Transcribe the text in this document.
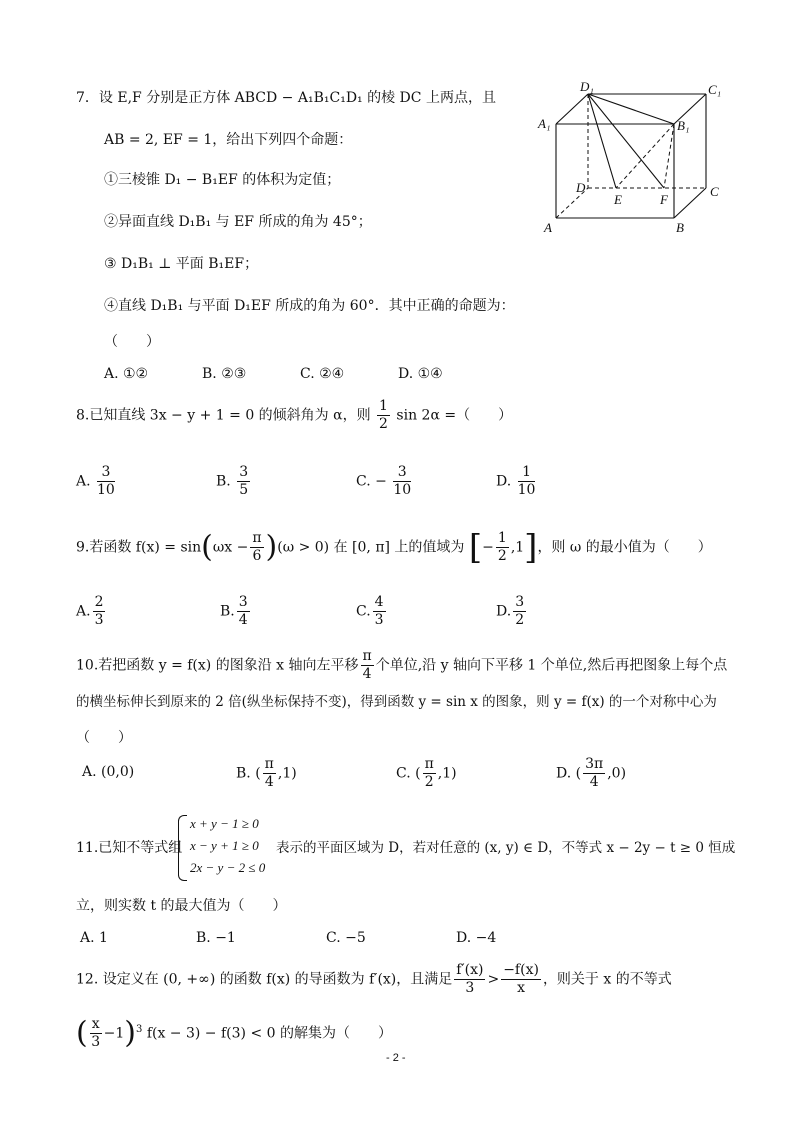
7．设 E,F 分别是正方体 ABCD − A₁B₁C₁D₁ 的棱 DC 上两点，且
AB = 2, EF = 1，给出下列四个命题：
①三棱锥 D₁ − B₁EF 的体积为定值；
②异面直线 D₁B₁ 与 EF 所成的角为 45°；
③ D₁B₁ ⊥ 平面 B₁EF；
④直线 D₁B₁ 与平面 D₁EF 所成的角为 60°．其中正确的命题为：
（　　）
A. ①②	B. ②③	C. ②④	D. ①④
D₁	C₁
A₁	B₁
D	C
E	F
A	B
8.已知直线 3x − y + 1 = 0 的倾斜角为 α，则 $\frac{1}{2}$ sin 2α =（　　）
A. $\frac{3}{10}$	B. $\frac{3}{5}$	C. − $\frac{3}{10}$	D. $\frac{1}{10}$
9.若函数 $f(x) = \sin(\omega x - \frac{\pi}{6} )(\omega > 0)$ 在 [0, π] 上的值域为 [− $\frac{1}{2} ,1$]，则 ω 的最小值为（　　）
A. $\frac{2}{3}$	B. $\frac{3}{4}$	C. $\frac{4}{3}$	D. $\frac{3}{2}$
10.若把函数 y = f(x) 的图象沿 x 轴向左平移 $\frac{\pi}{4}$ 个单位,沿 y 轴向下平移 1 个单位,然后再把图象上每个点
的横坐标伸长到原来的 2 倍(纵坐标保持不变)，得到函数 y = sin x 的图象，则 y = f(x) 的一个对称中心为
（　　）
A. (0,0)	B. ( $\frac{\pi}{4} ,1$)	C. ( $\frac{\pi}{2} ,1$)	D. ( $\frac{3\pi}{4} ,0$)
11.已知不等式组
x + y − 1 ≥ 0
x − y + 1 ≥ 0
2x − y − 2 ≤ 0
表示的平面区域为 D，若对任意的 (x, y) ∈ D，不等式 x − 2y − t ≥ 0 恒成
立，则实数 t 的最大值为（　　）
A. 1	B. −1	C. −5	D. −4
12. 设定义在 (0, +∞) 的函数 f(x) 的导函数为 f′(x)，且满足 $\frac{f'(x)}{3} > \frac{-f(x)}{x}$ ，则关于 x 的不等式
( $\frac{x}{3} -1)^3$ f(x − 3) − f(3) < 0 的解集为（　　）
- 2 -
